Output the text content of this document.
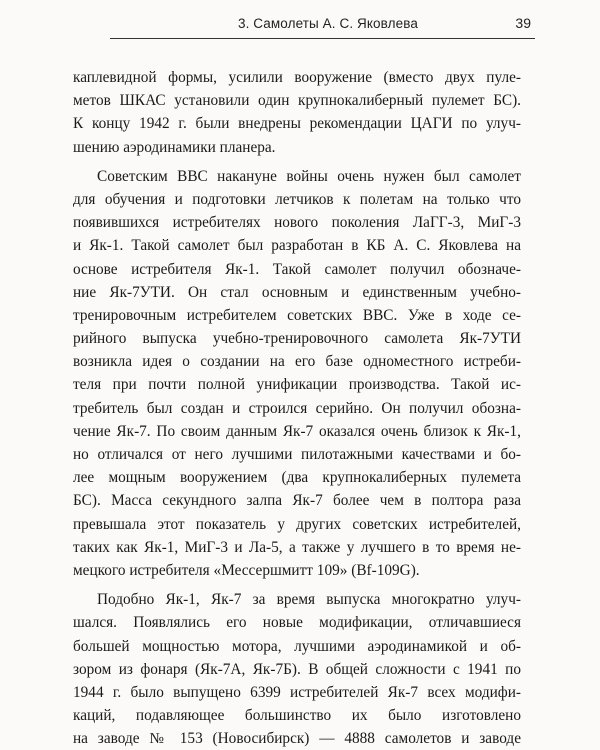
3. Самолеты А. С. Яковлева	39
каплевидной формы, усилили вооружение (вместо двух пуле-
метов ШКАС установили один крупнокалиберный пулемет БС).
К концу 1942 г. были внедрены рекомендации ЦАГИ по улуч-
шению аэродинамики планера.
Советским ВВС накануне войны очень нужен был самолет
для обучения и подготовки летчиков к полетам на только что
появившихся истребителях нового поколения ЛаГГ-3, МиГ-3
и Як-1. Такой самолет был разработан в КБ А. С. Яковлева на
основе истребителя Як-1. Такой самолет получил обозначе-
ние Як-7УТИ. Он стал основным и единственным учебно-
тренировочным истребителем советских ВВС. Уже в ходе се-
рийного выпуска учебно-тренировочного самолета Як-7УТИ
возникла идея о создании на его базе одноместного истреби-
теля при почти полной унификации производства. Такой ис-
требитель был создан и строился серийно. Он получил обозна-
чение Як-7. По своим данным Як-7 оказался очень близок к Як-1,
но отличался от него лучшими пилотажными качествами и бо-
лее мощным вооружением (два крупнокалиберных пулемета
БС). Масса секундного залпа Як-7 более чем в полтора раза
превышала этот показатель у других советских истребителей,
таких как Як-1, МиГ-3 и Ла-5, а также у лучшего в то время не-
мецкого истребителя «Мессершмитт 109» (Bf-109G).
Подобно Як-1, Як-7 за время выпуска многократно улуч-
шался. Появлялись его новые модификации, отличавшиеся
большей мощностью мотора, лучшими аэродинамикой и об-
зором из фонаря (Як-7А, Як-7Б). В общей сложности с 1941 по
1944 г. было выпущено 6399 истребителей Як-7 всех модифи-
каций, подавляющее большинство их было изготовлено
на заводе № 153 (Новосибирск) — 4888 самолетов и заводе
